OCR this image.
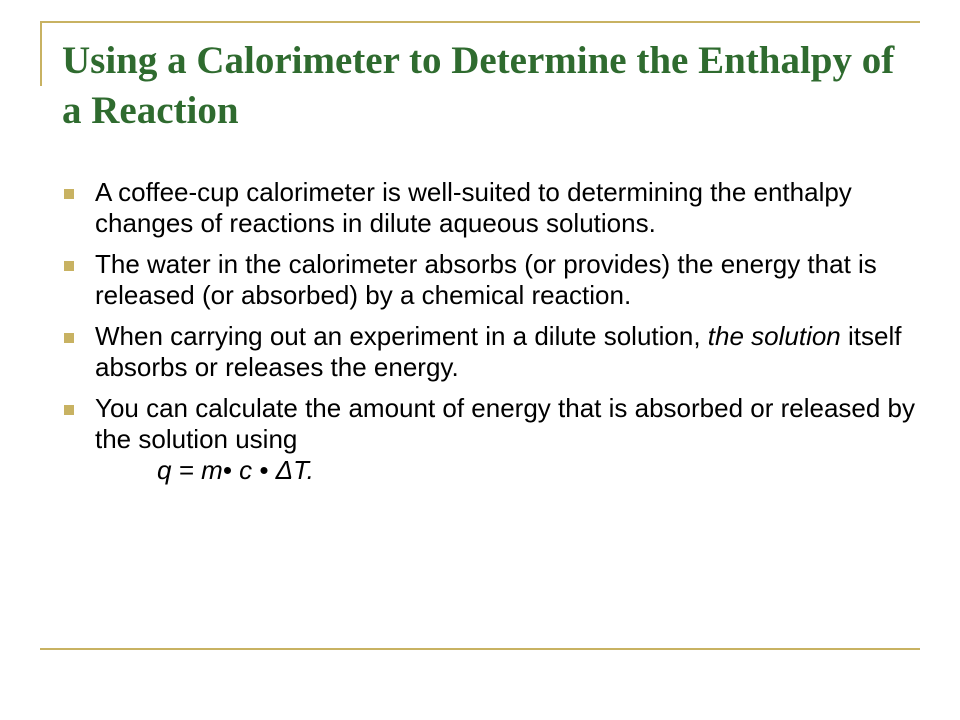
Using a Calorimeter to Determine the Enthalpy of a Reaction
A coffee-cup calorimeter is well-suited to determining the enthalpy changes of reactions in dilute aqueous solutions.
The water in the calorimeter absorbs (or provides) the energy that is released (or absorbed) by a chemical reaction.
When carrying out an experiment in a dilute solution, the solution itself absorbs or releases the energy.
You can calculate the amount of energy that is absorbed or released by the solution using
q = m• c • ΔT.
